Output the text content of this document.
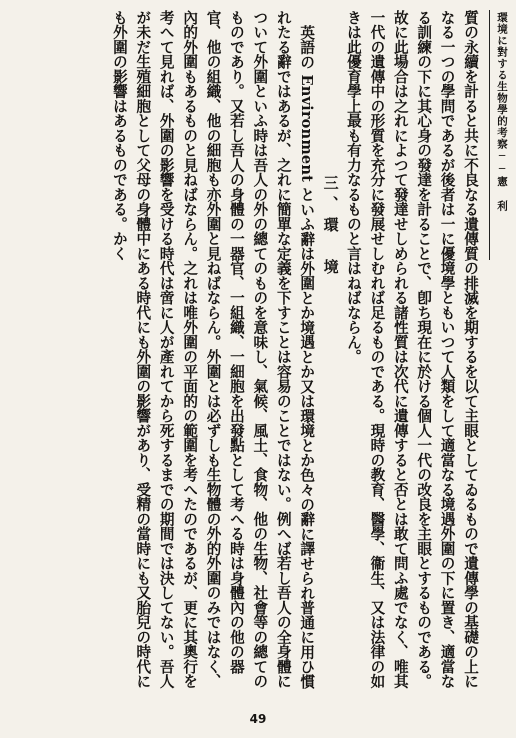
環境に對する生物學的考察──憲 利

質の永續を計ると共に不良なる遺傳質の排滅を期するを以て主眼としてゐるもので遺傳學の基礎の上になる一つの學問であるが後者は一に優境學ともいつて人類をして適當なる境遇外圍の下に置き、適當なる訓練の下に其心身の發達を計ることで、卽ち現在に於ける個人一代の改良を主眼とするものである。故に此場合は之れによつて發達せしめられる諸性質は次代に遺傳すると否とは敢て問ふ處でなく、唯其一代の遺傳中の形質を充分に發展せしむれば足るものである。現時の教育、醫學、衞生、又は法律の如きは此優育學上最も有力なるものと言はねばならん。

三、環　境

英語の Environment といふ辭は外圍とか境遇とか又は環境とか色々の辭に譯せられ普通に用ひ慣れたる辭ではあるが、之れに簡單な定義を下すことは容易のことではない。例へば若し吾人の全身體について外圍といふ時は吾人の外の總てのものを意味し、氣候、風土、食物、他の生物、社會等の總てのものであり。又若し吾人の身體の一器官、一組織、一細胞を出發點として考へる時は身體內の他の器官、他の組織、他の細胞も亦外圍と見ねばならん。外圍とは必ずしも生物體の外的外圍のみではなく、內的外圍もあるものと見ねばならん。之れは唯外圍の平面的の範圍を考へたのであるが、更に其奧行を考へて見れば、外圍の影響を受ける時代は啻に人が產れてから死するまでの期間では決してない。吾人が未だ生殖細胞として父母の身體中にある時代にも外圍の影響があり、受精の當時にも又胎兒の時代にも外圍の影響はあるものである。かく

49
